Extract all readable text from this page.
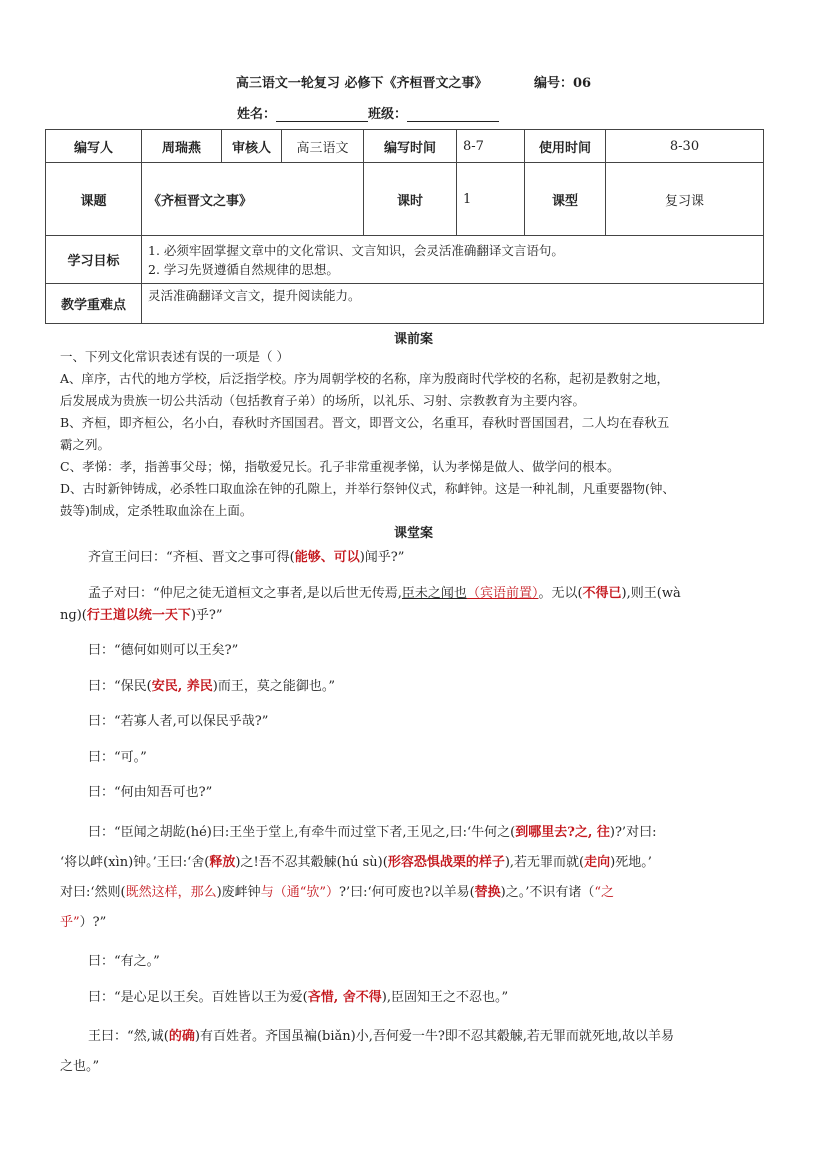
高三语文一轮复习 必修下《齐桓晋文之事》	编号：06
姓名：	班级：
编写人	周瑞燕	审核人	高三语文	编写时间	8-7	使用时间	8-30
课题	《齐桓晋文之事》			课时	1	课型	复习课
学习目标	1. 必须牢固掌握文章中的文化常识、文言知识，会灵活准确翻译文言语句。
2. 学习先贤遵循自然规律的思想。						

教学重难点	灵活准确翻译文言文，提升阅读能力。						
课前案

一、下列文化常识表述有误的一项是（ ）

A、庠序，古代的地方学校，后泛指学校。序为周朝学校的名称，庠为殷商时代学校的名称，起初是教射之地，

后发展成为贵族一切公共活动（包括教育子弟）的场所，以礼乐、习射、宗教教育为主要内容。

B、齐桓，即齐桓公，名小白，春秋时齐国国君。晋文，即晋文公，名重耳，春秋时晋国国君，二人均在春秋五

霸之列。

C、孝悌：孝，指善事父母；悌，指敬爱兄长。孔子非常重视孝悌，认为孝悌是做人、做学问的根本。

D、古时新钟铸成，必杀牲口取血涂在钟的孔隙上，并举行祭钟仪式，称衅钟。这是一种礼制，凡重要器物(钟、

鼓等)制成，定杀牲取血涂在上面。

课堂案

齐宣王问曰：“齐桓、晋文之事可得(能够、可以)闻乎?”

孟子对曰：“仲尼之徒无道桓文之事者,是以后世无传焉,臣未之闻也（宾语前置）。无以(不得已),则王(wà
nɡ)(行王道以统一天下)乎?”

曰：“德何如则可以王矣?”

曰：“保民(安民, 养民)而王，莫之能御也。”

曰：“若寡人者,可以保民乎哉?”

曰：“可。”

曰：“何由知吾可也?”

曰：“臣闻之胡龁(hé)曰:王坐于堂上,有牵牛而过堂下者,王见之,曰:‘牛何之(到哪里去?之, 往)?’对曰:
‘将以衅(xìn)钟。’王曰:‘舍(释放)之!吾不忍其觳觫(hú sù)(形容恐惧战栗的样子),若无罪而就(走向)死地。’
对曰:‘然则(既然这样，那么)废衅钟与（通“欤”）?’曰:‘何可废也?以羊易(替换)之。’不识有诸（“之
乎”）?”

曰：“有之。”

曰：“是心足以王矣。百姓皆以王为爱(吝惜, 舍不得),臣固知王之不忍也。”

王曰：“然,诚(的确)有百姓者。齐国虽褊(biǎn)小,吾何爱一牛?即不忍其觳觫,若无罪而就死地,故以羊易
之也。”
